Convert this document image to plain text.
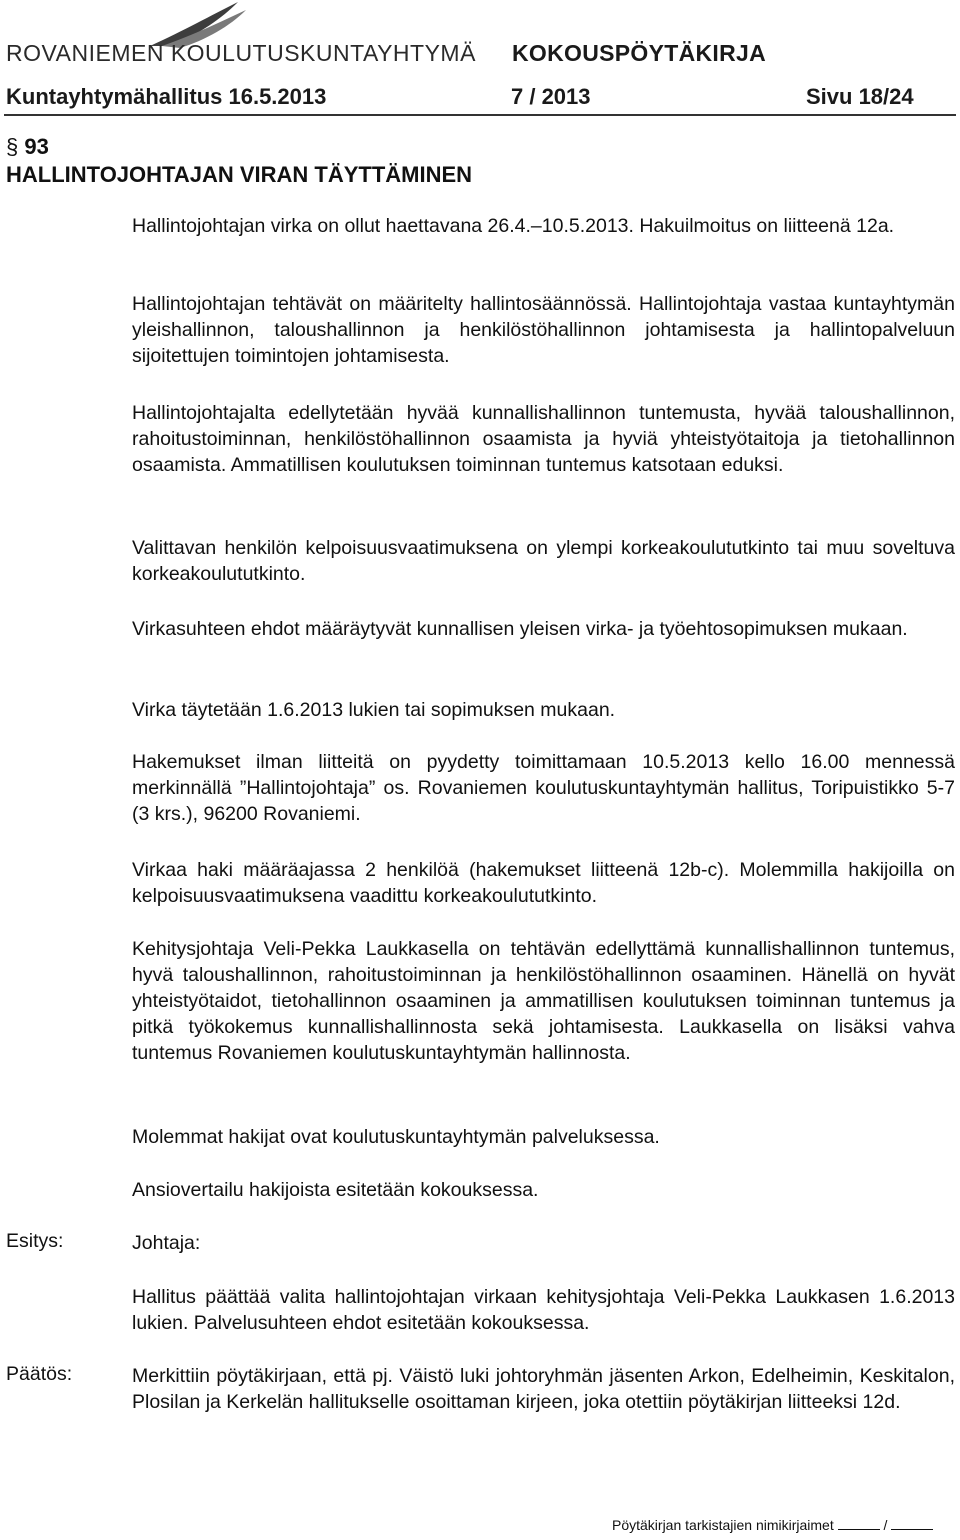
ROVANIEMEN KOULUTUSKUNTAYHTYMÄ KOKOUSPÖYTÄKIRJA
Kuntayhtymähallitus 16.5.2013	7 / 2013	Sivu 18/24
§ 93
HALLINTOJOHTAJAN VIRAN TÄYTTÄMINEN

Hallintojohtajan virka on ollut haettavana 26.4.–10.5.2013. Hakuilmoitus on liitteenä 12a.

Hallintojohtajan tehtävät on määritelty hallintosäännössä. Hallintojohtaja vastaa kuntayhtymän yleishallinnon, taloushallinnon ja henkilöstöhallinnon johtamisesta ja hallintopalveluun sijoitettujen toimintojen johtamisesta.

Hallintojohtajalta edellytetään hyvää kunnallishallinnon tuntemusta, hyvää taloushallinnon, rahoitustoiminnan, henkilöstöhallinnon osaamista ja hyviä yhteistyötaitoja ja tietohallinnon osaamista. Ammatillisen koulutuksen toiminnan tuntemus katsotaan eduksi.

Valittavan henkilön kelpoisuusvaatimuksena on ylempi korkeakoulututkinto tai muu soveltuva korkeakoulututkinto.

Virkasuhteen ehdot määräytyvät kunnallisen yleisen virka- ja työehtosopimuksen mukaan.

Virka täytetään 1.6.2013 lukien tai sopimuksen mukaan.

Hakemukset ilman liitteitä on pyydetty toimittamaan 10.5.2013 kello 16.00 mennessä merkinnällä ”Hallintojohtaja” os. Rovaniemen koulutuskuntayhtymän hallitus, Toripuistikko 5-7 (3 krs.), 96200 Rovaniemi.

Virkaa haki määräajassa 2 henkilöä (hakemukset liitteenä 12b-c). Molemmilla hakijoilla on kelpoisuusvaatimuksena vaadittu korkeakoulututkinto.

Kehitysjohtaja Veli-Pekka Laukkasella on tehtävän edellyttämä kunnallishallinnon tuntemus, hyvä taloushallinnon, rahoitustoiminnan ja henkilöstöhallinnon osaaminen. Hänellä on hyvät yhteistyötaidot, tietohallinnon osaaminen ja ammatillisen koulutuksen toiminnan tuntemus ja pitkä työkokemus kunnallishallinnosta sekä johtamisesta. Laukkasella on lisäksi vahva tuntemus Rovaniemen koulutuskuntayhtymän hallinnosta.

Molemmat hakijat ovat koulutuskuntayhtymän palveluksessa.

Ansiovertailu hakijoista esitetään kokouksessa.

Esitys:	Johtaja:

Hallitus päättää valita hallintojohtajan virkaan kehitysjohtaja Veli-Pekka Laukkasen 1.6.2013 lukien. Palvelusuhteen ehdot esitetään kokouksessa.

Päätös:	Merkittiin pöytäkirjaan, että pj. Väistö luki johtoryhmän jäsenten Arkon, Edelheimin, Keskitalon, Plosilan ja Kerkelän hallitukselle osoittaman kirjeen, joka otettiin pöytäkirjan liitteeksi 12d.

Pöytäkirjan tarkistajien nimikirjaimet	/
